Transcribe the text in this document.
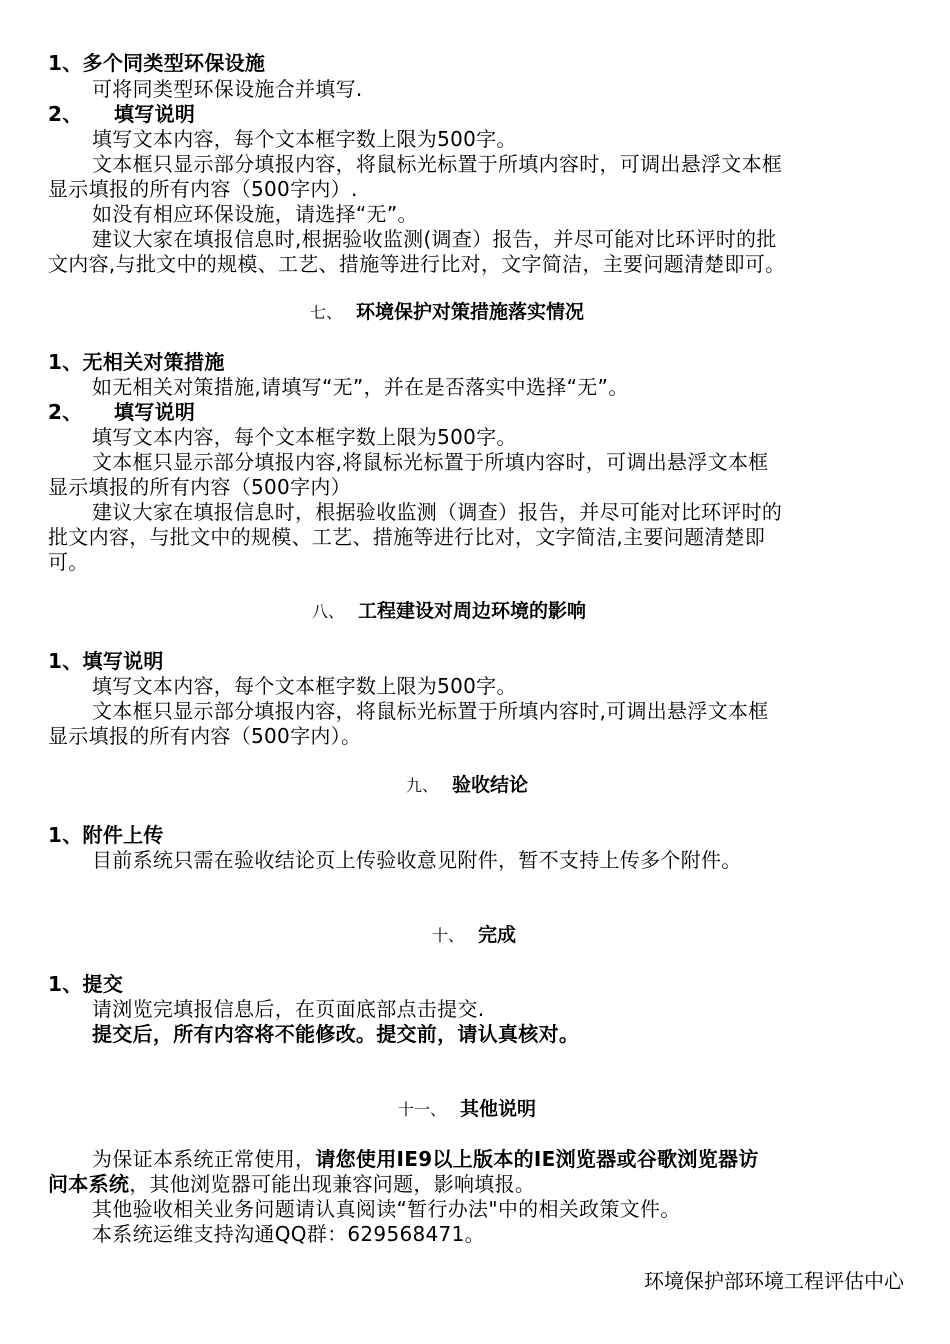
1、多个同类型环保设施
可将同类型环保设施合并填写.
2、 填写说明
填写文本内容，每个文本框字数上限为500字。
文本框只显示部分填报内容，将鼠标光标置于所填内容时，可调出悬浮文本框
显示填报的所有内容（500字内）.
如没有相应环保设施，请选择“无”。
建议大家在填报信息时,根据验收监测(调查）报告，并尽可能对比环评时的批
文内容,与批文中的规模、工艺、措施等进行比对，文字简洁，主要问题清楚即可。
七、 环境保护对策措施落实情况
1、无相关对策措施
如无相关对策措施,请填写“无”，并在是否落实中选择“无”。
2、 填写说明
填写文本内容，每个文本框字数上限为500字。
文本框只显示部分填报内容,将鼠标光标置于所填内容时，可调出悬浮文本框
显示填报的所有内容（500字内）
建议大家在填报信息时，根据验收监测（调查）报告，并尽可能对比环评时的
批文内容，与批文中的规模、工艺、措施等进行比对，文字简洁,主要问题清楚即
可。
八、 工程建设对周边环境的影响
1、填写说明
填写文本内容，每个文本框字数上限为500字。
文本框只显示部分填报内容，将鼠标光标置于所填内容时,可调出悬浮文本框
显示填报的所有内容（500字内）。
九、 验收结论
1、附件上传
目前系统只需在验收结论页上传验收意见附件，暂不支持上传多个附件。
十、 完成
1、提交
请浏览完填报信息后，在页面底部点击提交.
提交后，所有内容将不能修改。提交前，请认真核对。
十一、 其他说明
为保证本系统正常使用，请您使用IE9以上版本的IE浏览器或谷歌浏览器访
问本系统，其他浏览器可能出现兼容问题，影响填报。
其他验收相关业务问题请认真阅读“暂行办法"中的相关政策文件。
本系统运维支持沟通QQ群：629568471。
环境保护部环境工程评估中心
